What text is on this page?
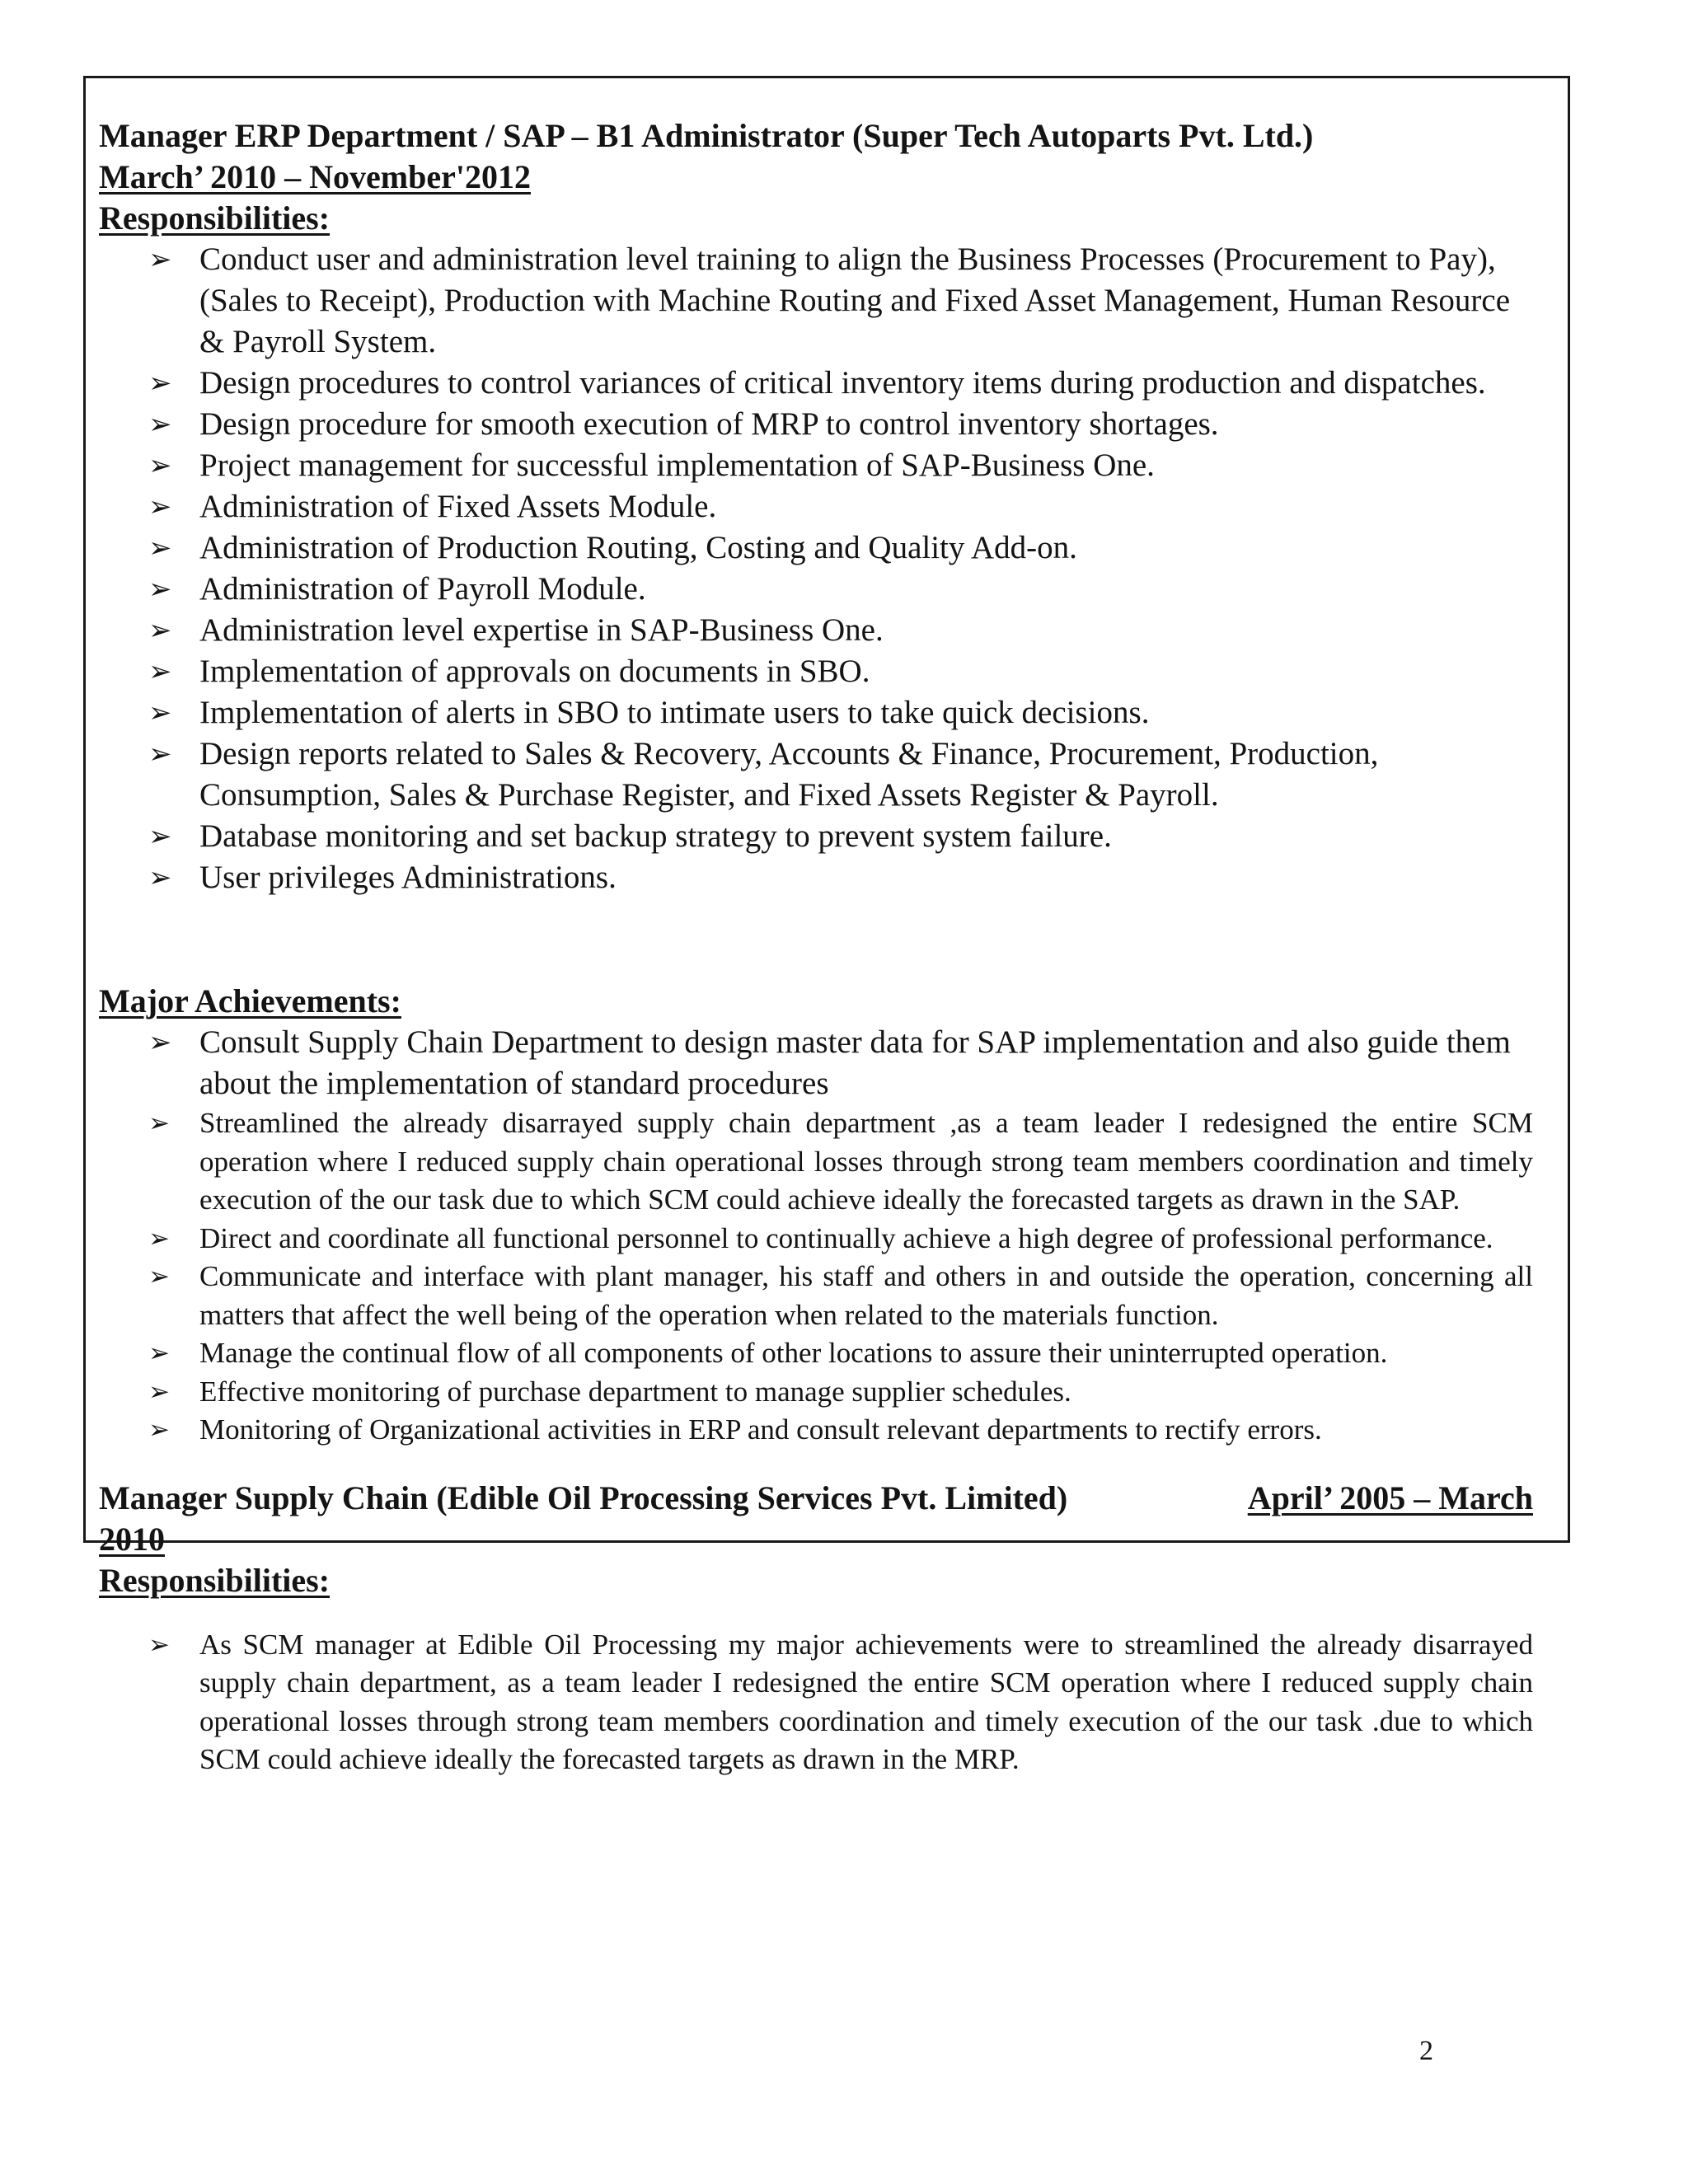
Manager ERP Department / SAP – B1 Administrator (Super Tech Autoparts Pvt. Ltd.)

March’ 2010 – November'2012

Responsibilities:

➢ Conduct user and administration level training to align the Business Processes (Procurement to Pay), (Sales to Receipt), Production with Machine Routing and Fixed Asset Management, Human Resource & Payroll System.
➢ Design procedures to control variances of critical inventory items during production and dispatches.
➢ Design procedure for smooth execution of MRP to control inventory shortages.
➢ Project management for successful implementation of SAP-Business One.
➢ Administration of Fixed Assets Module.
➢ Administration of Production Routing, Costing and Quality Add-on.
➢ Administration of Payroll Module.
➢ Administration level expertise in SAP-Business One.
➢ Implementation of approvals on documents in SBO.
➢ Implementation of alerts in SBO to intimate users to take quick decisions.
➢ Design reports related to Sales & Recovery, Accounts & Finance, Procurement, Production, Consumption, Sales & Purchase Register, and Fixed Assets Register & Payroll.
➢ Database monitoring and set backup strategy to prevent system failure.
➢ User privileges Administrations.

Major Achievements:

➢ Consult Supply Chain Department to design master data for SAP implementation and also guide them about the implementation of standard procedures
➢ Streamlined the already disarrayed supply chain department ,as a team leader I redesigned the entire SCM operation where I reduced supply chain operational losses through strong team members coordination and timely execution of the our task due to which SCM could achieve ideally the forecasted targets as drawn in the SAP.
➢ Direct and coordinate all functional personnel to continually achieve a high degree of professional performance.
➢ Communicate and interface with plant manager, his staff and others in and outside the operation, concerning all matters that affect the well being of the operation when related to the materials function.
➢ Manage the continual flow of all components of other locations to assure their uninterrupted operation.
➢ Effective monitoring of purchase department to manage supplier schedules.
➢ Monitoring of Organizational activities in ERP and consult relevant departments to rectify errors.
Manager Supply Chain (Edible Oil Processing Services Pvt. Limited)	April’ 2005 – March

2010

Responsibilities:

➢ As SCM manager at Edible Oil Processing my major achievements were to streamlined the already disarrayed supply chain department, as a team leader I redesigned the entire SCM operation where I reduced supply chain operational losses through strong team members coordination and timely execution of the our task .due to which SCM could achieve ideally the forecasted targets as drawn in the MRP.
2
